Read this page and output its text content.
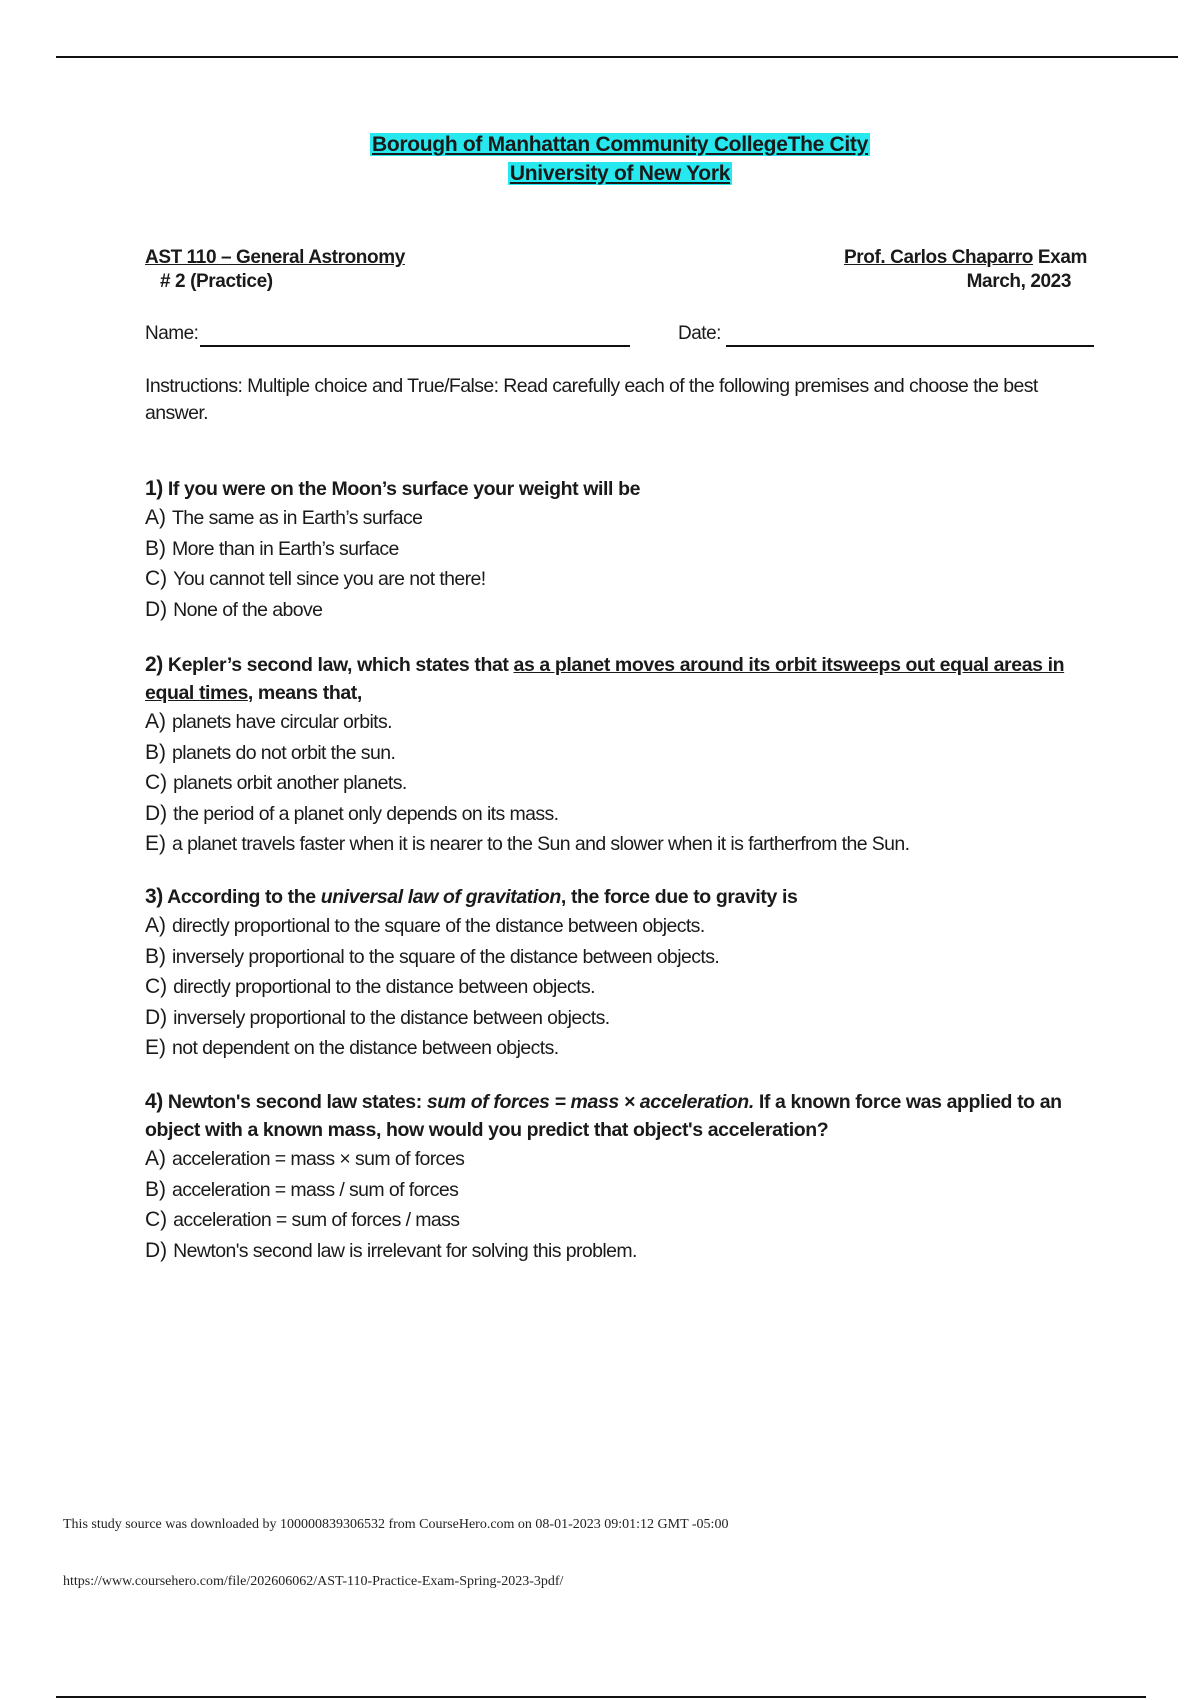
Borough of Manhattan Community CollegeThe City
University of New York
AST 110 – General Astronomy
# 2 (Practice)
Prof. Carlos Chaparro Exam
March, 2023
Name:	Date:
Instructions: Multiple choice and True/False: Read carefully each of the following premises and choose the best answer.
1) If you were on the Moon’s surface your weight will be
A) The same as in Earth’s surface
B) More than in Earth’s surface
C) You cannot tell since you are not there!
D) None of the above
2) Kepler’s second law, which states that as a planet moves around its orbit itsweeps out equal areas in equal times, means that,
A) planets have circular orbits.
B) planets do not orbit the sun.
C) planets orbit another planets.
D) the period of a planet only depends on its mass.
E) a planet travels faster when it is nearer to the Sun and slower when it is fartherfrom the Sun.
3) According to the universal law of gravitation, the force due to gravity is
A) directly proportional to the square of the distance between objects.
B) inversely proportional to the square of the distance between objects.
C) directly proportional to the distance between objects.
D) inversely proportional to the distance between objects.
E) not dependent on the distance between objects.
4) Newton's second law states: sum of forces = mass × acceleration. If a known force was applied to an object with a known mass, how would you predict that object's acceleration?
A) acceleration = mass × sum of forces
B) acceleration = mass / sum of forces
C) acceleration = sum of forces / mass
D) Newton's second law is irrelevant for solving this problem.
This study source was downloaded by 100000839306532 from CourseHero.com on 08-01-2023 09:01:12 GMT -05:00
https://www.coursehero.com/file/202606062/AST-110-Practice-Exam-Spring-2023-3pdf/
